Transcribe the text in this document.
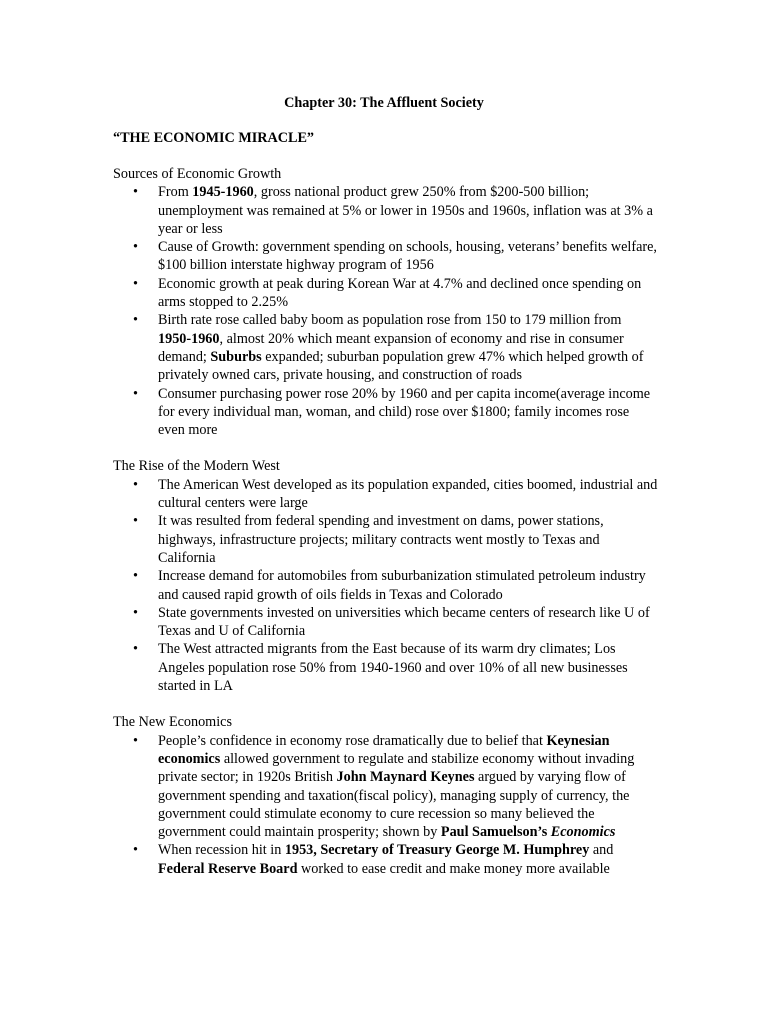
Chapter 30: The Affluent Society
“THE ECONOMIC MIRACLE”

Sources of Economic Growth

• From 1945-1960, gross national product grew 250% from $200-500 billion; unemployment was remained at 5% or lower in 1950s and 1960s, inflation was at 3% a year or less
• Cause of Growth: government spending on schools, housing, veterans’ benefits welfare, $100 billion interstate highway program of 1956
• Economic growth at peak during Korean War at 4.7% and declined once spending on arms stopped to 2.25%
• Birth rate rose called baby boom as population rose from 150 to 179 million from 1950-1960, almost 20% which meant expansion of economy and rise in consumer demand; Suburbs expanded; suburban population grew 47% which helped growth of privately owned cars, private housing, and construction of roads
• Consumer purchasing power rose 20% by 1960 and per capita income(average income for every individual man, woman, and child) rose over $1800; family incomes rose even more

The Rise of the Modern West

• The American West developed as its population expanded, cities boomed, industrial and cultural centers were large
• It was resulted from federal spending and investment on dams, power stations, highways, infrastructure projects; military contracts went mostly to Texas and California
• Increase demand for automobiles from suburbanization stimulated petroleum industry and caused rapid growth of oils fields in Texas and Colorado
• State governments invested on universities which became centers of research like U of Texas and U of California
• The West attracted migrants from the East because of its warm dry climates; Los Angeles population rose 50% from 1940-1960 and over 10% of all new businesses started in LA

The New Economics

• People’s confidence in economy rose dramatically due to belief that Keynesian economics allowed government to regulate and stabilize economy without invading private sector; in 1920s British John Maynard Keynes argued by varying flow of government spending and taxation(fiscal policy), managing supply of currency, the government could stimulate economy to cure recession so many believed the government could maintain prosperity; shown by Paul Samuelson’s Economics
• When recession hit in 1953, Secretary of Treasury George M. Humphrey and Federal Reserve Board worked to ease credit and make money more available
